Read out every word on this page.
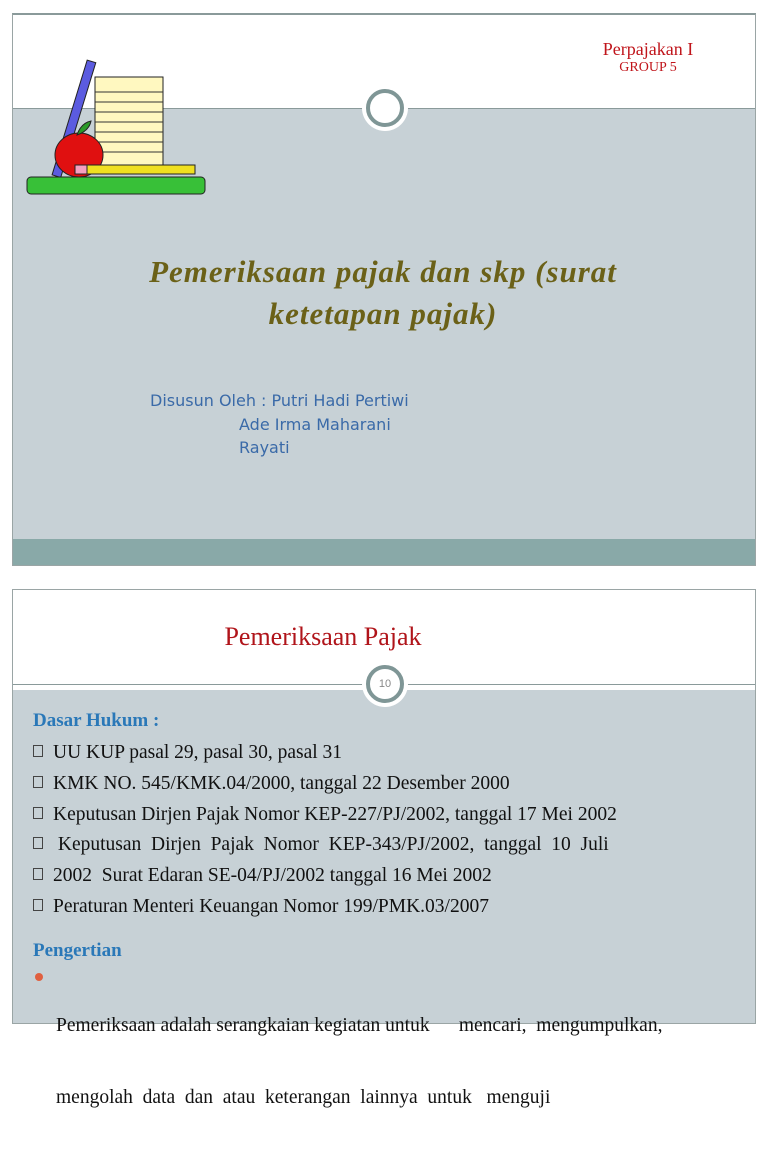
Perpajakan I
GROUP 5
Pemeriksaan pajak dan skp (surat
ketetapan pajak)
Disusun Oleh : Putri Hadi Pertiwi
Ade Irma Maharani
Rayati
Pemeriksaan Pajak
10
Dasar Hukum :
UU KUP pasal 29, pasal 30, pasal 31
KMK NO. 545/KMK.04/2000, tanggal 22 Desember 2000
Keputusan Dirjen Pajak Nomor KEP-227/PJ/2002, tanggal 17 Mei 2002
Keputusan  Dirjen  Pajak  Nomor  KEP-343/PJ/2002,  tanggal  10  Juli
2002  Surat Edaran SE-04/PJ/2002 tanggal 16 Mei 2002
Peraturan Menteri Keuangan Nomor 199/PMK.03/2007
Pengertian

Pemeriksaan adalah serangkaian kegiatan untuk      mencari,  mengumpulkan,

mengolah  data  dan  atau  keterangan  lainnya  untuk   menguji
